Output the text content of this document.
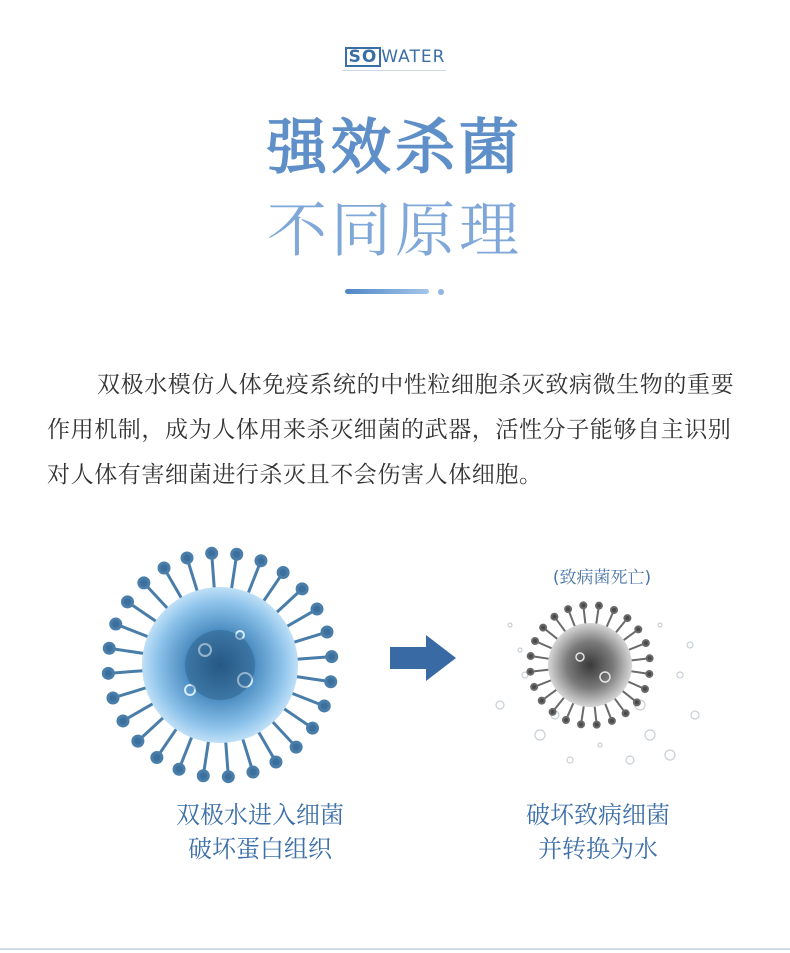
SO WATER
强效杀菌
不同原理
双极水模仿人体免疫系统的中性粒细胞杀灭致病微生物的重要作用机制，成为人体用来杀灭细菌的武器，活性分子能够自主识别对人体有害细菌进行杀灭且不会伤害人体细胞。
(致病菌死亡)
双极水进入细菌
破坏蛋白组织
破坏致病细菌
并转换为水
